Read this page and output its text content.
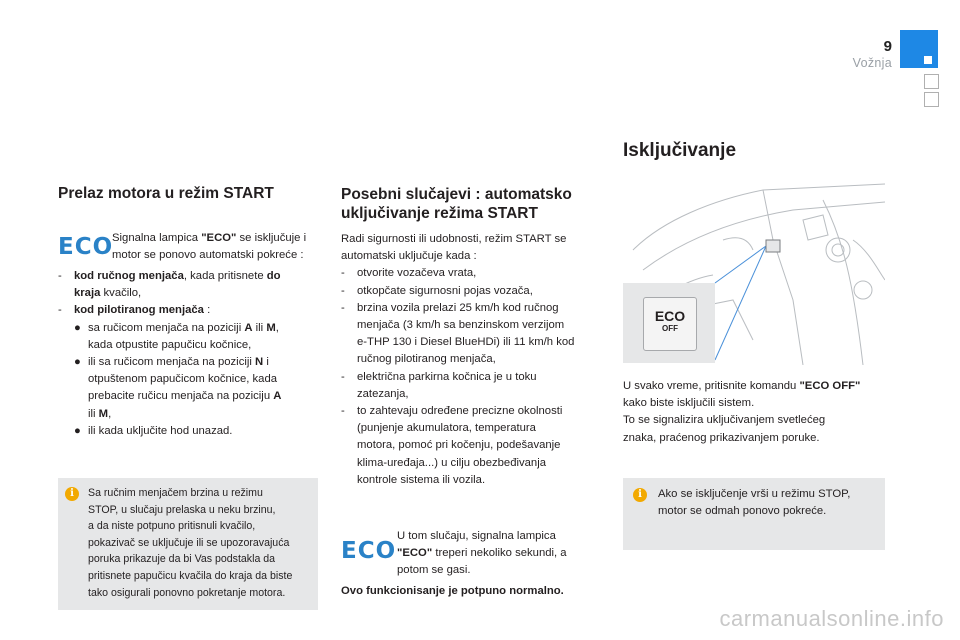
9
Vožnja
Prelaz motora u režim START
ECO
Signalna lampica "ECO" se isključuje i
motor se ponovo automatski pokreće :
-	kod ručnog menjača, kada pritisnete do
kraja kvačilo,
-	kod pilotiranog menjača :
● sa ručicom menjača na poziciji A ili M,
kada otpustite papučicu kočnice,
● ili sa ručicom menjača na poziciji N i
otpuštenom papučicom kočnice, kada
prebacite ručicu menjača na poziciju A
ili M,
● ili kada uključite hod unazad.
i	Sa ručnim menjačem brzina u režimu
STOP, u slučaju prelaska u neku brzinu,
a da niste potpuno pritisnuli kvačilo,
pokazivač se uključuje ili se upozoravajuća
poruka prikazuje da bi Vas podstakla da
pritisnete papučicu kvačila do kraja da biste
tako osigurali ponovno pokretanje motora.
Posebni slučajevi : automatsko
uključivanje režima START
Radi sigurnosti ili udobnosti, režim START se
automatski uključuje kada :
-	otvorite vozačeva vrata,
-	otkopčate sigurnosni pojas vozača,
-	brzina vozila prelazi 25 km/h kod ručnog
menjača (3 km/h sa benzinskom verzijom
e-THP 130 i Diesel BlueHDi) ili 11 km/h kod
ručnog pilotiranog menjača,
-	električna parkirna kočnica je u toku
zatezanja,
-	to zahtevaju određene precizne okolnosti
(punjenje akumulatora, temperatura
motora, pomoć pri kočenju, podešavanje
klima-uređaja...) u cilju obezbeđivanja
kontrole sistema ili vozila.
ECO
U tom slučaju, signalna lampica
"ECO" treperi nekoliko sekundi, a
potom se gasi.
Ovo funkcionisanje je potpuno normalno.
Isključivanje
ECO
OFF
U svako vreme, pritisnite komandu "ECO OFF"
kako biste isključili sistem.
To se signalizira uključivanjem svetlećeg
znaka, praćenog prikazivanjem poruke.
i	Ako se isključenje vrši u režimu STOP,
motor se odmah ponovo pokreće.
carmanualsonline.info
